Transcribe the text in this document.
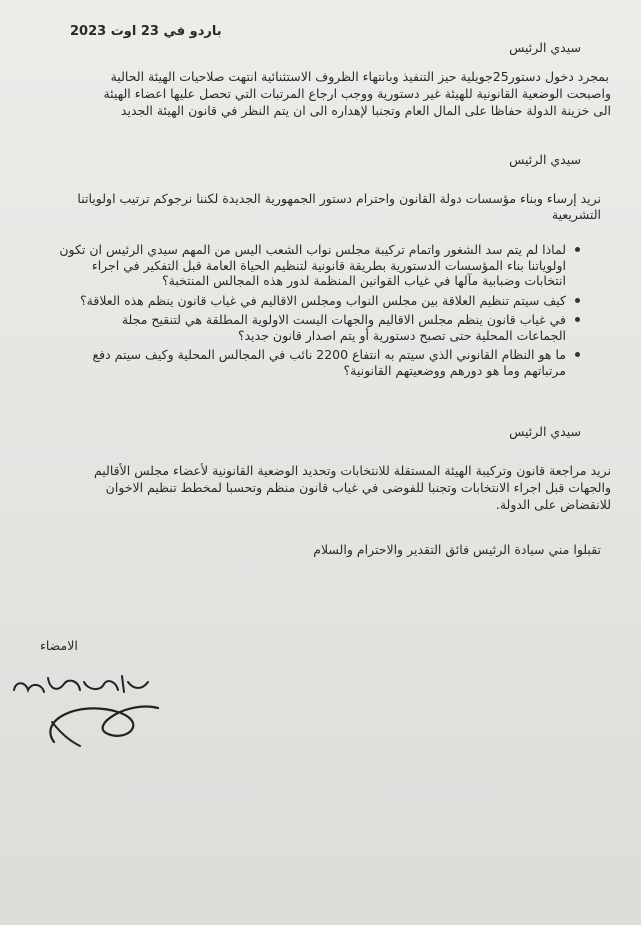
باردو في 23 اوت 2023
سيدي الرئيس
بمجرد دخول دستور25جويلية حيز التنفيذ وبانتهاء الظروف الاستثنائية انتهت صلاحيات الهيئة الحالية
واصبحت الوضعية القانونية للهيئة غير دستورية ووجب ارجاع المرتبات التي تحصل عليها اعضاء الهيئة
الى خزينة الدولة حفاظا على المال العام وتجنبا لإهداره الى ان يتم النظر في قانون الهيئة الجديد
سيدي الرئيس
نريد إرساء وبناء مؤسسات دولة القانون واحترام دستور الجمهورية الجديدة لكننا نرجوكم ترتيب اولوياتنا
التشريعية
لماذا لم يتم سد الشغور واتمام تركيبة مجلس نواب الشعب اليس من المهم سيدي الرئيس ان تكون
اولوياتنا بناء المؤسسات الدستورية بطريقة قانونية لتنظيم الحياة العامة قبل التفكير في اجراء
انتخابات وضبابية مآلها في غياب القوانين المنظمة لدور هذه المجالس المنتخبة؟
كيف سيتم تنظيم العلاقة بين مجلس النواب ومجلس الاقاليم في غياب قانون ينظم هذه العلاقة؟
في غياب قانون ينظم مجلس الاقاليم والجهات اليست الاولوية المطلقة هي لتنقيح مجلة
الجماعات المحلية حتى تصبح دستورية أو يتم اصدار قانون جديد؟
ما هو النظام القانوني الذي سيتم به انتفاع 2200 نائب في المجالس المحلية وكيف سيتم دفع
مرتباتهم وما هو دورهم ووضعيتهم القانونية؟
سيدي الرئيس
نريد مراجعة قانون وتركيبة الهيئة المستقلة للانتخابات وتحديد الوضعية القانونية لأعضاء مجلس الأقاليم
والجهات قبل اجراء الانتخابات وتجنبا للفوضى في غياب قانون منظم وتحسبا لمخطط تنظيم الاخوان
للانقضاض على الدولة.
تقبلوا مني سيادة الرئيس فائق التقدير والاحترام والسلام
الامضاء
